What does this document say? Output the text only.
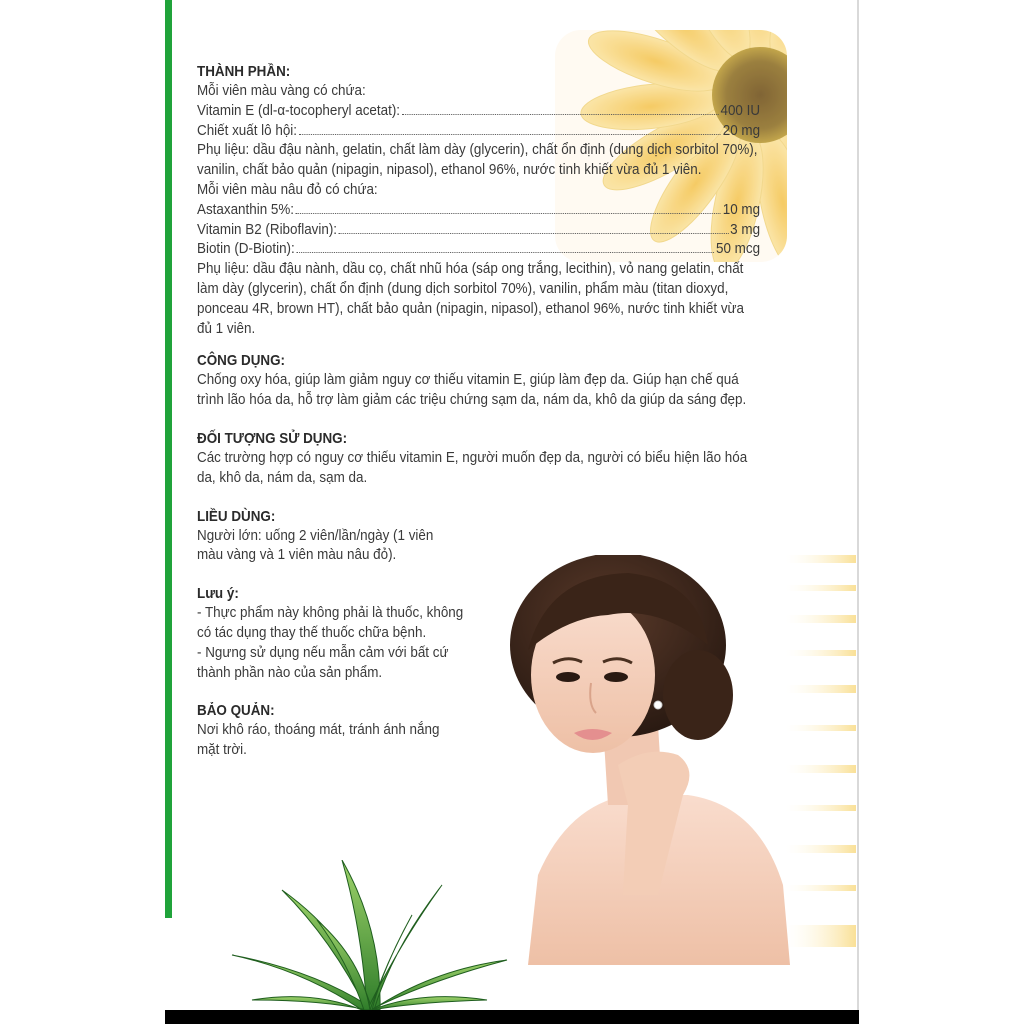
THÀNH PHẦN:
Mỗi viên màu vàng có chứa:
Vitamin E (dl-α-tocopheryl acetat):	400 IU
Chiết xuất lô hội:	20 mg
Phụ liệu: dầu đậu nành, gelatin, chất làm dày (glycerin), chất ổn định (dung dịch sorbitol 70%), vanilin, chất bảo quản (nipagin, nipasol), ethanol 96%, nước tinh khiết vừa đủ 1 viên.
Mỗi viên màu nâu đỏ có chứa:
Astaxanthin 5%:	10 mg
Vitamin B2 (Riboflavin):	3 mg
Biotin (D-Biotin):	50 mcg
Phụ liệu: dầu đậu nành, dầu cọ, chất nhũ hóa (sáp ong trắng, lecithin), vỏ nang gelatin, chất làm dày (glycerin), chất ổn định (dung dịch sorbitol 70%), vanilin, phẩm màu (titan dioxyd, ponceau 4R, brown HT), chất bảo quản (nipagin, nipasol), ethanol 96%, nước tinh khiết vừa đủ 1 viên.
CÔNG DỤNG:
Chống oxy hóa, giúp làm giảm nguy cơ thiếu vitamin E, giúp làm đẹp da. Giúp hạn chế quá trình lão hóa da, hỗ trợ làm giảm các triệu chứng sạm da, nám da, khô da giúp da sáng đẹp.
ĐỐI TƯỢNG SỬ DỤNG:
Các trường hợp có nguy cơ thiếu vitamin E, người muốn đẹp da, người có biểu hiện lão hóa da, khô da, nám da, sạm da.
LIỀU DÙNG:
Người lớn: uống 2 viên/lần/ngày (1 viên
màu vàng và 1 viên màu nâu đỏ).
Lưu ý:
- Thực phẩm này không phải là thuốc, không
có tác dụng thay thế thuốc chữa bệnh.
- Ngưng sử dụng nếu mẫn cảm với bất cứ
thành phần nào của sản phẩm.
BẢO QUẢN:
Nơi khô ráo, thoáng mát, tránh ánh nắng
mặt trời.
